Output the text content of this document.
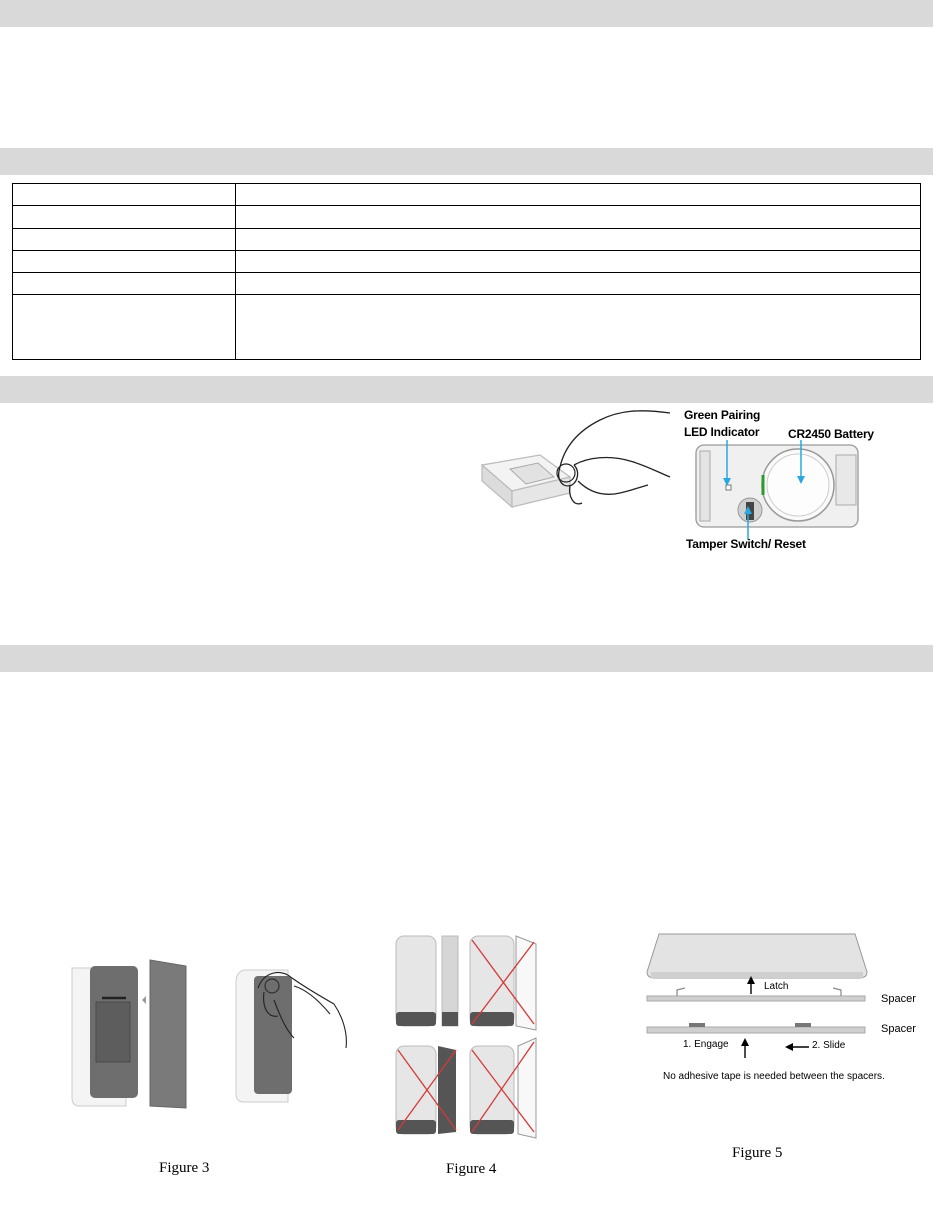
Green Pairing
LED Indicator CR2450 Battery
Tamper Switch/ Reset
Figure 3	Figure 4
Latch
Spacer
Spacer
1. Engage	2. Slide
No adhesive tape is needed between the spacers.
Figure 5
